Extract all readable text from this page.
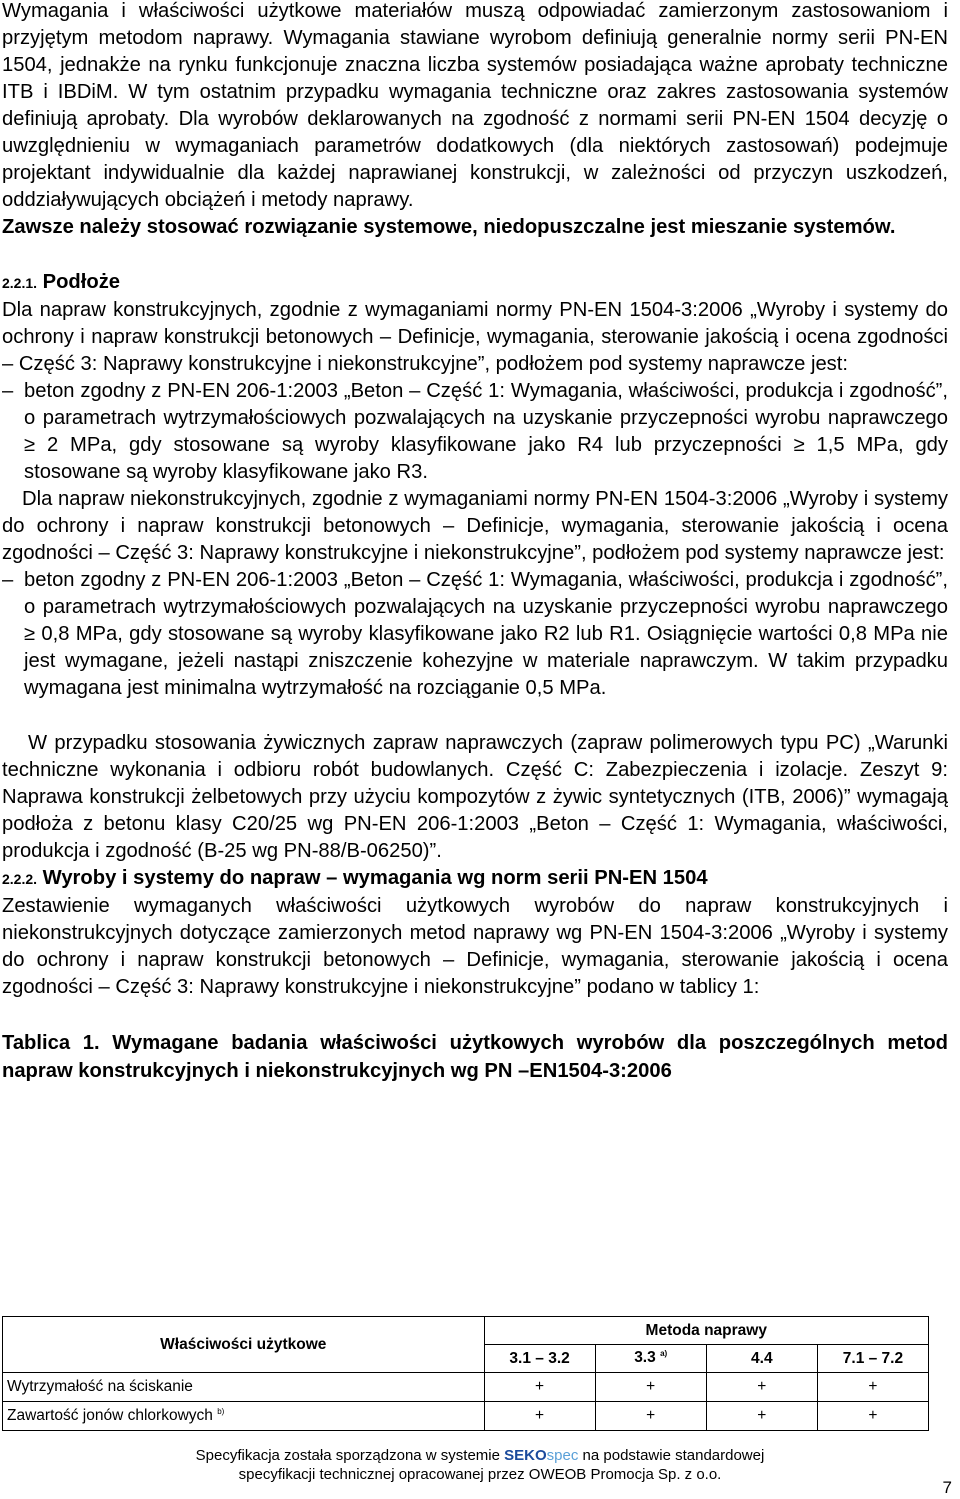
Wymagania i właściwości użytkowe materiałów muszą odpowiadać zamierzonym zastosowaniom i przyjętym metodom naprawy. Wymagania stawiane wyrobom definiują generalnie normy serii PN-EN 1504, jednakże na rynku funkcjonuje znaczna liczba systemów posiadająca ważne aprobaty techniczne ITB i IBDiM. W tym ostatnim przypadku wymagania techniczne oraz zakres zastosowania systemów definiują aprobaty. Dla wyrobów deklarowanych na zgodność z normami serii PN-EN 1504 decyzję o uwzględnieniu w wymaganiach parametrów dodatkowych (dla niektórych zastosowań) podejmuje projektant indywidualnie dla każdej naprawianej konstrukcji, w zależności od przyczyn uszkodzeń, oddziaływujących obciążeń i metody naprawy.

Zawsze należy stosować rozwiązanie systemowe, niedopuszczalne jest mieszanie systemów.

2.2.1. Podłoże

Dla napraw konstrukcyjnych, zgodnie z wymaganiami normy PN-EN 1504-3:2006 „Wyroby i systemy do ochrony i napraw konstrukcji betonowych – Definicje, wymagania, sterowanie jakością i ocena zgodności – Część 3: Naprawy konstrukcyjne i niekonstrukcyjne”, podłożem pod systemy naprawcze jest:

– beton zgodny z PN-EN 206-1:2003 „Beton – Część 1: Wymagania, właściwości, produkcja i zgodność”, o parametrach wytrzymałościowych pozwalających na uzyskanie przyczepności wyrobu naprawczego ≥ 2 MPa, gdy stosowane są wyroby klasyfikowane jako R4 lub przyczepności ≥ 1,5 MPa, gdy stosowane są wyroby klasyfikowane jako R3.

Dla napraw niekonstrukcyjnych, zgodnie z wymaganiami normy PN-EN 1504-3:2006 „Wyroby i systemy do ochrony i napraw konstrukcji betonowych – Definicje, wymagania, sterowanie jakością i ocena zgodności – Część 3: Naprawy konstrukcyjne i niekonstrukcyjne”, podłożem pod systemy naprawcze jest:

– beton zgodny z PN-EN 206-1:2003 „Beton – Część 1: Wymagania, właściwości, produkcja i zgodność”, o parametrach wytrzymałościowych pozwalających na uzyskanie przyczepności wyrobu naprawczego ≥ 0,8 MPa, gdy stosowane są wyroby klasyfikowane jako R2 lub R1. Osiągnięcie wartości 0,8 MPa nie jest wymagane, jeżeli nastąpi zniszczenie kohezyjne w materiale naprawczym. W takim przypadku wymagana jest minimalna wytrzymałość na rozciąganie 0,5 MPa.

W przypadku stosowania żywicznych zapraw naprawczych (zapraw polimerowych typu PC) „Warunki techniczne wykonania i odbioru robót budowlanych. Część C: Zabezpieczenia i izolacje. Zeszyt 9: Naprawa konstrukcji żelbetowych przy użyciu kompozytów z żywic syntetycznych (ITB, 2006)” wymagają podłoża z betonu klasy C20/25 wg PN-EN 206-1:2003 „Beton – Część 1: Wymagania, właściwości, produkcja i zgodność (B-25 wg PN-88/B-06250)”.

2.2.2. Wyroby i systemy do napraw – wymagania wg norm serii PN-EN 1504

Zestawienie wymaganych właściwości użytkowych wyrobów do napraw konstrukcyjnych i niekonstrukcyjnych dotyczące zamierzonych metod naprawy wg PN-EN 1504-3:2006 „Wyroby i systemy do ochrony i napraw konstrukcji betonowych – Definicje, wymagania, sterowanie jakością i ocena zgodności – Część 3: Naprawy konstrukcyjne i niekonstrukcyjne” podano w tablicy 1:

Tablica 1. Wymagane badania właściwości użytkowych wyrobów dla poszczególnych metod napraw konstrukcyjnych i niekonstrukcyjnych wg PN –EN1504-3:2006

Właściwości użytkowe	Metoda naprawy			
	3.1 – 3.2	3.3 $^{a)}$	4.4	7.1 – 7.2
Wytrzymałość na ściskanie	+	+	+	+
Zawartość jonów chlorkowych $^{b)}$	+	+	+	+
Specyfikacja została sporządzona w systemie SEKOspec na podstawie standardowej
specyfikacji technicznej opracowanej przez OWEOB Promocja Sp. z o.o.
7
